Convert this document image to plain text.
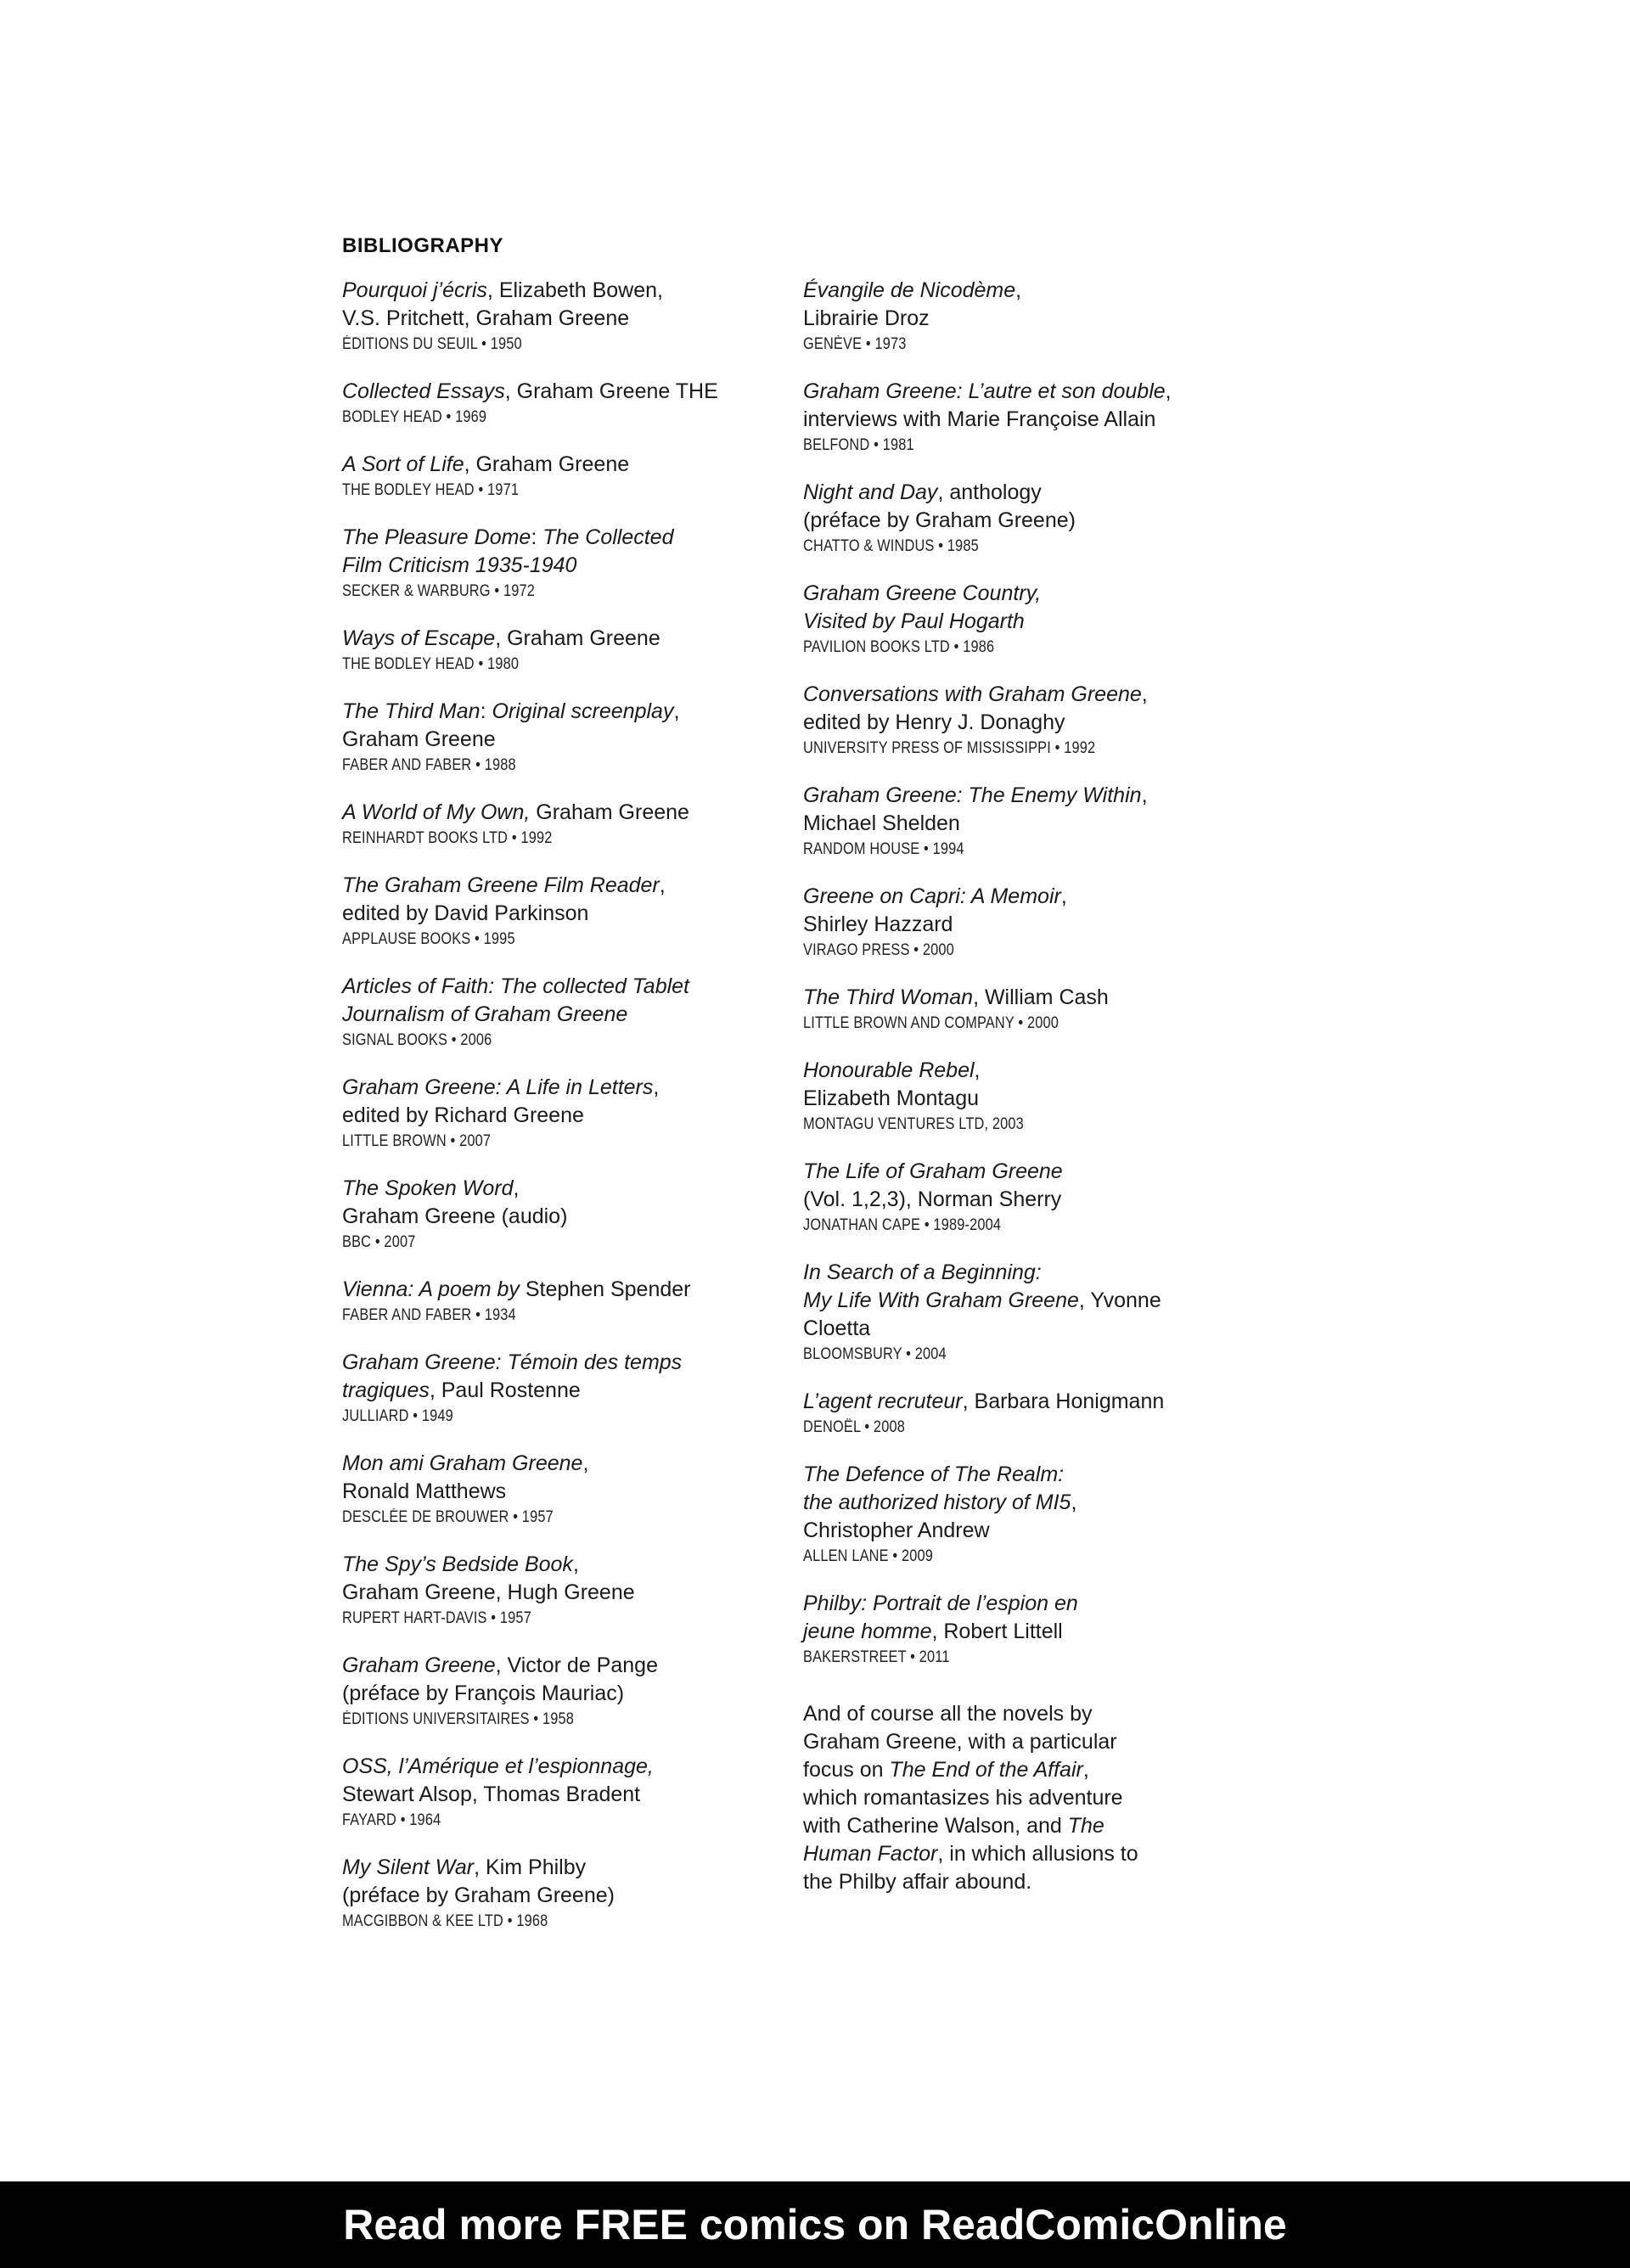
BIBLIOGRAPHY
Pourquoi j’écris, Elizabeth Bowen,
V.S. Pritchett, Graham Greene
ÉDITIONS DU SEUIL • 1950
Collected Essays, Graham Greene THE
BODLEY HEAD • 1969
A Sort of Life, Graham Greene
THE BODLEY HEAD • 1971
The Pleasure Dome: The Collected
Film Criticism 1935-1940
SECKER & WARBURG • 1972
Ways of Escape, Graham Greene
THE BODLEY HEAD • 1980
The Third Man: Original screenplay,
Graham Greene
FABER AND FABER • 1988
A World of My Own, Graham Greene
REINHARDT BOOKS LTD • 1992
The Graham Greene Film Reader,
edited by David Parkinson
APPLAUSE BOOKS • 1995
Articles of Faith: The collected Tablet
Journalism of Graham Greene
SIGNAL BOOKS • 2006
Graham Greene: A Life in Letters,
edited by Richard Greene
LITTLE BROWN • 2007
The Spoken Word,
Graham Greene (audio)
BBC • 2007
Vienna: A poem by Stephen Spender
FABER AND FABER • 1934
Graham Greene: Témoin des temps
tragiques, Paul Rostenne
JULLIARD • 1949
Mon ami Graham Greene,
Ronald Matthews
DESCLÉE DE BROUWER • 1957
The Spy’s Bedside Book,
Graham Greene, Hugh Greene
RUPERT HART-DAVIS • 1957
Graham Greene, Victor de Pange
(préface by François Mauriac)
ÉDITIONS UNIVERSITAIRES • 1958
OSS, l’Amérique et l’espionnage,
Stewart Alsop, Thomas Bradent
FAYARD • 1964
My Silent War, Kim Philby
(préface by Graham Greene)
MACGIBBON & KEE LTD • 1968
Évangile de Nicodème,
Librairie Droz
GENÈVE • 1973
Graham Greene: L’autre et son double,
interviews with Marie Françoise Allain
BELFOND • 1981
Night and Day, anthology
(préface by Graham Greene)
CHATTO & WINDUS • 1985
Graham Greene Country,
Visited by Paul Hogarth
PAVILION BOOKS LTD • 1986
Conversations with Graham Greene,
edited by Henry J. Donaghy
UNIVERSITY PRESS OF MISSISSIPPI • 1992
Graham Greene: The Enemy Within,
Michael Shelden
RANDOM HOUSE • 1994
Greene on Capri: A Memoir,
Shirley Hazzard
VIRAGO PRESS • 2000
The Third Woman, William Cash
LITTLE BROWN AND COMPANY • 2000
Honourable Rebel,
Elizabeth Montagu
MONTAGU VENTURES LTD, 2003
The Life of Graham Greene
(Vol. 1,2,3), Norman Sherry
JONATHAN CAPE • 1989-2004
In Search of a Beginning:
My Life With Graham Greene, Yvonne
Cloetta
BLOOMSBURY • 2004
L’agent recruteur, Barbara Honigmann
DENOËL • 2008
The Defence of The Realm:
the authorized history of MI5,
Christopher Andrew
ALLEN LANE • 2009
Philby: Portrait de l’espion en
jeune homme, Robert Littell
BAKERSTREET • 2011
And of course all the novels by
Graham Greene, with a particular
focus on The End of the Affair,
which romantasizes his adventure
with Catherine Walson, and The
Human Factor, in which allusions to
the Philby affair abound.
Read more FREE comics on ReadComicOnline
